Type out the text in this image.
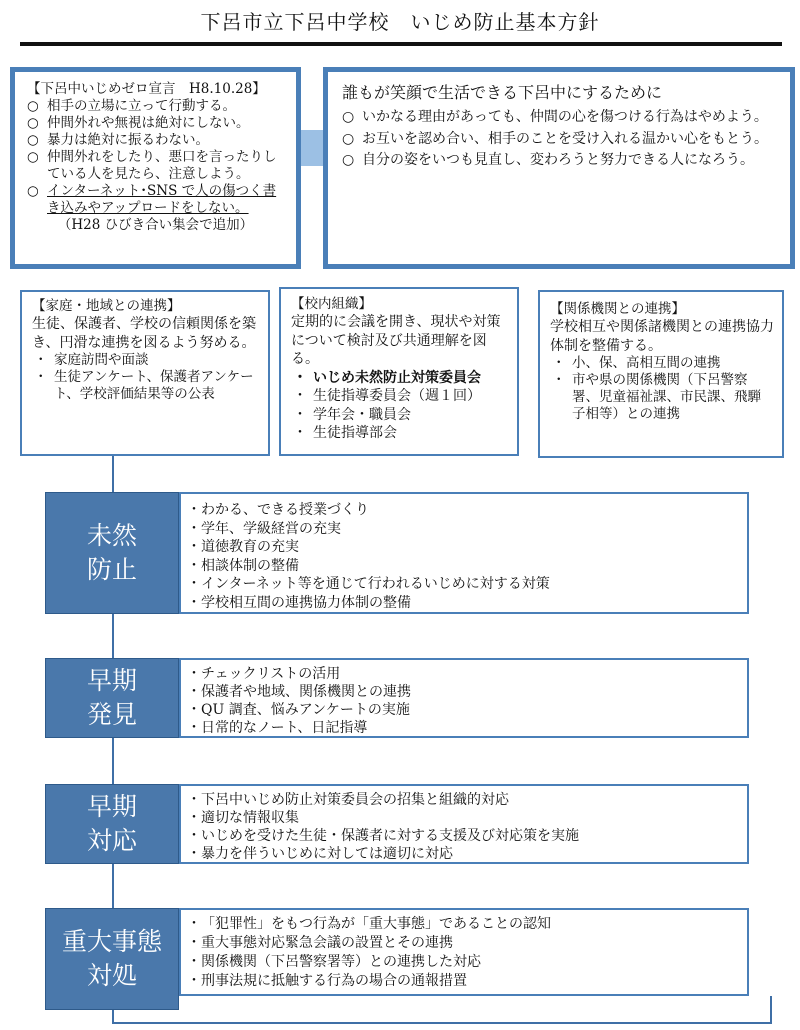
下呂市立下呂中学校　いじめ防止基本方針
【下呂中いじめゼロ宣言　H8.10.28】
○ 相手の立場に立って行動する。
○ 仲間外れや無視は絶対にしない。
○ 暴力は絶対に振るわない。
○ 仲間外れをしたり、悪口を言ったりしている人を見たら、注意しよう。
○ インターネット･SNS で人の傷つく書き込みやアップロードをしない。
（H28 ひびき合い集会で追加）
誰もが笑顔で生活できる下呂中にするために
○ いかなる理由があっても、仲間の心を傷つける行為はやめよう。
○ お互いを認め合い、相手のことを受け入れる温かい心をもとう。
○ 自分の姿をいつも見直し、変わろうと努力できる人になろう。
【家庭・地域との連携】
生徒、保護者、学校の信頼関係を築き、円滑な連携を図るよう努める。
・ 家庭訪問や面談
・ 生徒アンケート、保護者アンケート、学校評価結果等の公表
【校内組織】
定期的に会議を開き、現状や対策について検討及び共通理解を図る。
・ いじめ未然防止対策委員会
・ 生徒指導委員会（週１回）
・ 学年会・職員会
・ 生徒指導部会
【関係機関との連携】
学校相互や関係諸機関との連携協力体制を整備する。
・ 小、保、高相互間の連携
・ 市や県の関係機関（下呂警察署、児童福祉課、市民課、飛騨子相等）との連携
未然
防止
・ わかる、できる授業づくり
・ 学年、学級経営の充実
・ 道徳教育の充実
・ 相談体制の整備
・ インターネット等を通じて行われるいじめに対する対策
・ 学校相互間の連携協力体制の整備
早期
発見
・ チェックリストの活用
・ 保護者や地域、関係機関との連携
・ QU 調査、悩みアンケートの実施
・ 日常的なノート、日記指導
早期
対応
・ 下呂中いじめ防止対策委員会の招集と組織的対応
・ 適切な情報収集
・ いじめを受けた生徒・保護者に対する支援及び対応策を実施
・ 暴力を伴ういじめに対しては適切に対応
重大事態
対処
・ 「犯罪性」をもつ行為が「重大事態」であることの認知
・ 重大事態対応緊急会議の設置とその連携
・ 関係機関（下呂警察署等）との連携した対応
・ 刑事法規に抵触する行為の場合の通報措置
